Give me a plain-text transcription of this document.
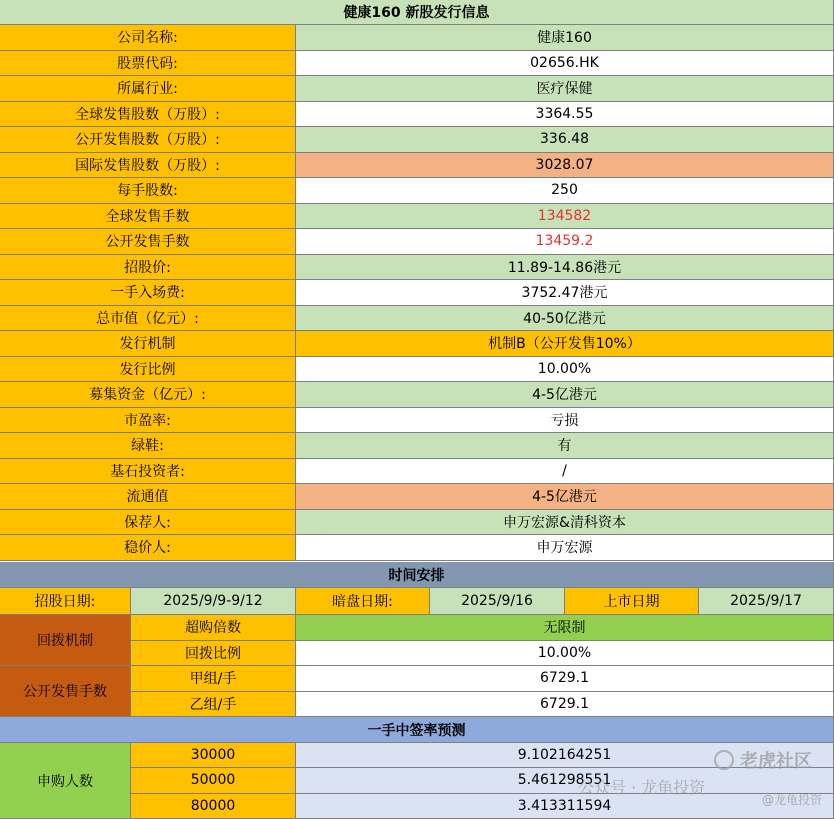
健康160 新股发行信息
公司名称:	健康160
股票代码:	02656.HK
所属行业:	医疗保健
全球发售股数（万股）:	3364.55
公开发售股数（万股）:	336.48
国际发售股数（万股）:	3028.07
每手股数:	250
全球发售手数	134582
公开发售手数	13459.2
招股价:	11.89-14.86港元
一手入场费:	3752.47港元
总市值（亿元）:	40-50亿港元
发行机制	机制B（公开发售10%）
发行比例	10.00%
募集资金（亿元）:	4-5亿港元
市盈率:	亏损
绿鞋:	有
基石投资者:	/
流通值	4-5亿港元
保荐人:	申万宏源&清科资本
稳价人:	申万宏源
时间安排
招股日期:	2025/9/9-9/12	暗盘日期:	2025/9/16	上市日期	2025/9/17
回拨机制
超购倍数	无限制
回拨比例	10.00%
公开发售手数
甲组/手	6729.1
乙组/手	6729.1
一手中签率预测
申购人数
30000	9.102164251
50000	5.461298551
80000	3.413311594
老虎社区
公众号 · 龙龟投资
@龙龟投资
